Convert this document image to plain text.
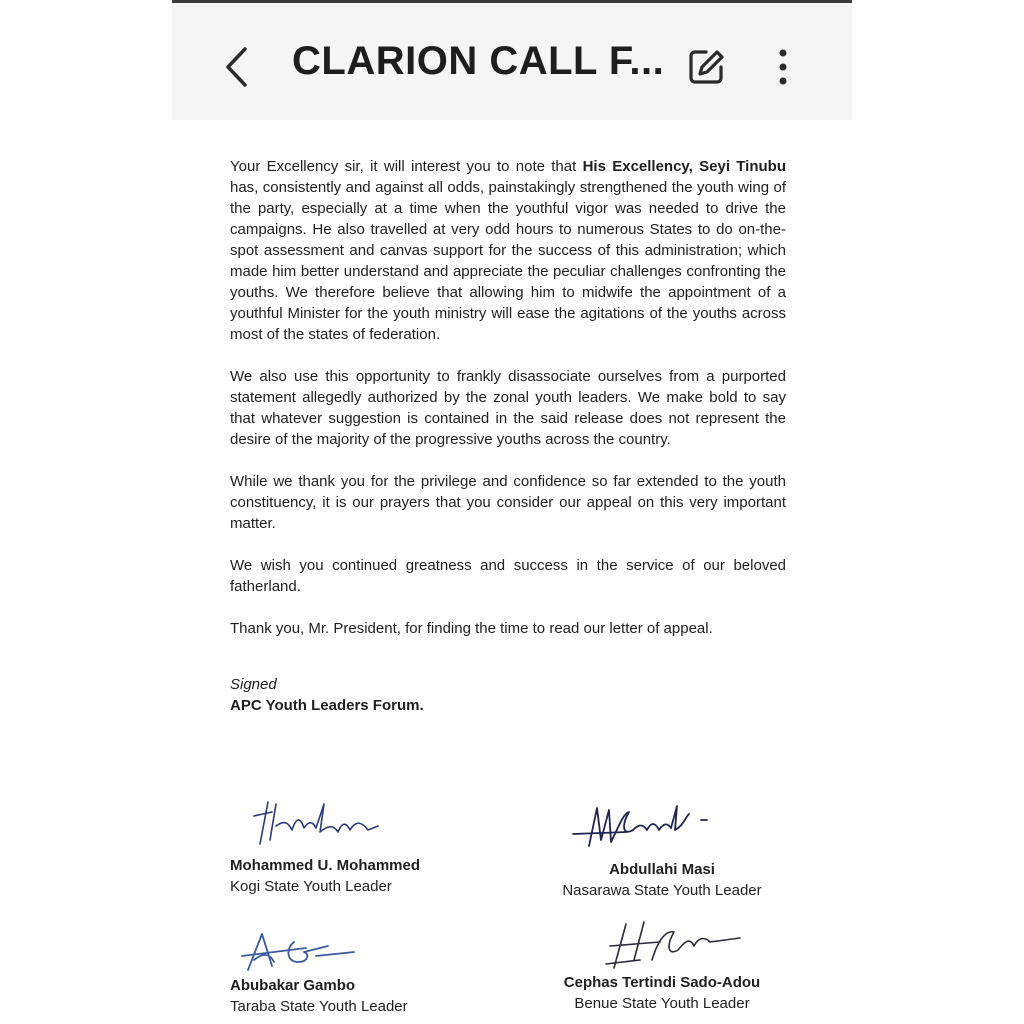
CLARION CALL F...

Your Excellency sir, it will interest you to note that His Excellency, Seyi Tinubu has, consistently and against all odds, painstakingly strengthened the youth wing of the party, especially at a time when the youthful vigor was needed to drive the campaigns. He also travelled at very odd hours to numerous States to do on-the-spot assessment and canvas support for the success of this administration; which made him better understand and appreciate the peculiar challenges confronting the youths. We therefore believe that allowing him to midwife the appointment of a youthful Minister for the youth ministry will ease the agitations of the youths across most of the states of federation.

We also use this opportunity to frankly disassociate ourselves from a purported statement allegedly authorized by the zonal youth leaders. We make bold to say that whatever suggestion is contained in the said release does not represent the desire of the majority of the progressive youths across the country.

While we thank you for the privilege and confidence so far extended to the youth constituency, it is our prayers that you consider our appeal on this very important matter.

We wish you continued greatness and success in the service of our beloved fatherland.

Thank you, Mr. President, for finding the time to read our letter of appeal.

Signed
APC Youth Leaders Forum.
Mohammed U. Mohammed
Kogi State Youth Leader
Abdullahi Masi
Nasarawa State Youth Leader
Abubakar Gambo
Taraba State Youth Leader
Cephas Tertindi Sado-Adou
Benue State Youth Leader
